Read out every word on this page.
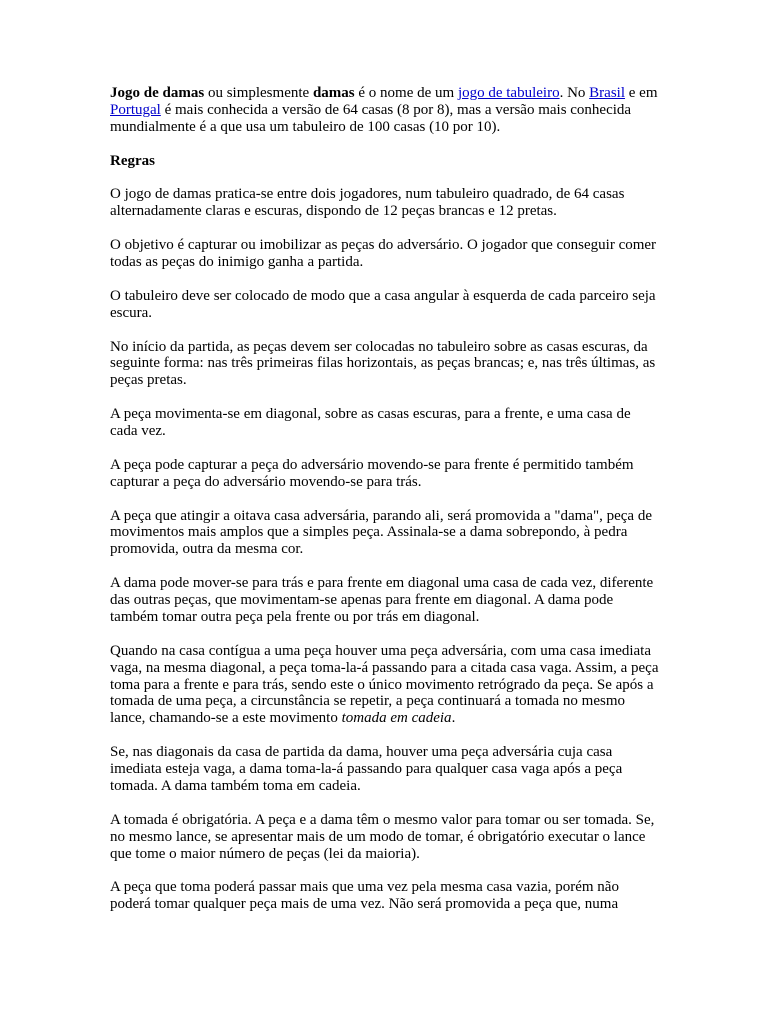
Jogo de damas ou simplesmente damas é o nome de um jogo de tabuleiro. No Brasil e em Portugal é mais conhecida a versão de 64 casas (8 por 8), mas a versão mais conhecida mundialmente é a que usa um tabuleiro de 100 casas (10 por 10).

Regras

O jogo de damas pratica-se entre dois jogadores, num tabuleiro quadrado, de 64 casas alternadamente claras e escuras, dispondo de 12 peças brancas e 12 pretas.

O objetivo é capturar ou imobilizar as peças do adversário. O jogador que conseguir comer todas as peças do inimigo ganha a partida.

O tabuleiro deve ser colocado de modo que a casa angular à esquerda de cada parceiro seja escura.

No início da partida, as peças devem ser colocadas no tabuleiro sobre as casas escuras, da seguinte forma: nas três primeiras filas horizontais, as peças brancas; e, nas três últimas, as peças pretas.

A peça movimenta-se em diagonal, sobre as casas escuras, para a frente, e uma casa de cada vez.

A peça pode capturar a peça do adversário movendo-se para frente é permitido também capturar a peça do adversário movendo-se para trás.

A peça que atingir a oitava casa adversária, parando ali, será promovida a "dama", peça de movimentos mais amplos que a simples peça. Assinala-se a dama sobrepondo, à pedra promovida, outra da mesma cor.

A dama pode mover-se para trás e para frente em diagonal uma casa de cada vez, diferente das outras peças, que movimentam-se apenas para frente em diagonal. A dama pode também tomar outra peça pela frente ou por trás em diagonal.

Quando na casa contígua a uma peça houver uma peça adversária, com uma casa imediata vaga, na mesma diagonal, a peça toma-la-á passando para a citada casa vaga. Assim, a peça toma para a frente e para trás, sendo este o único movimento retrógrado da peça. Se após a tomada de uma peça, a circunstância se repetir, a peça continuará a tomada no mesmo lance, chamando-se a este movimento tomada em cadeia.

Se, nas diagonais da casa de partida da dama, houver uma peça adversária cuja casa imediata esteja vaga, a dama toma-la-á passando para qualquer casa vaga após a peça tomada. A dama também toma em cadeia.

A tomada é obrigatória. A peça e a dama têm o mesmo valor para tomar ou ser tomada. Se, no mesmo lance, se apresentar mais de um modo de tomar, é obrigatório executar o lance que tome o maior número de peças (lei da maioria).

A peça que toma poderá passar mais que uma vez pela mesma casa vazia, porém não poderá tomar qualquer peça mais de uma vez. Não será promovida a peça que, numa
